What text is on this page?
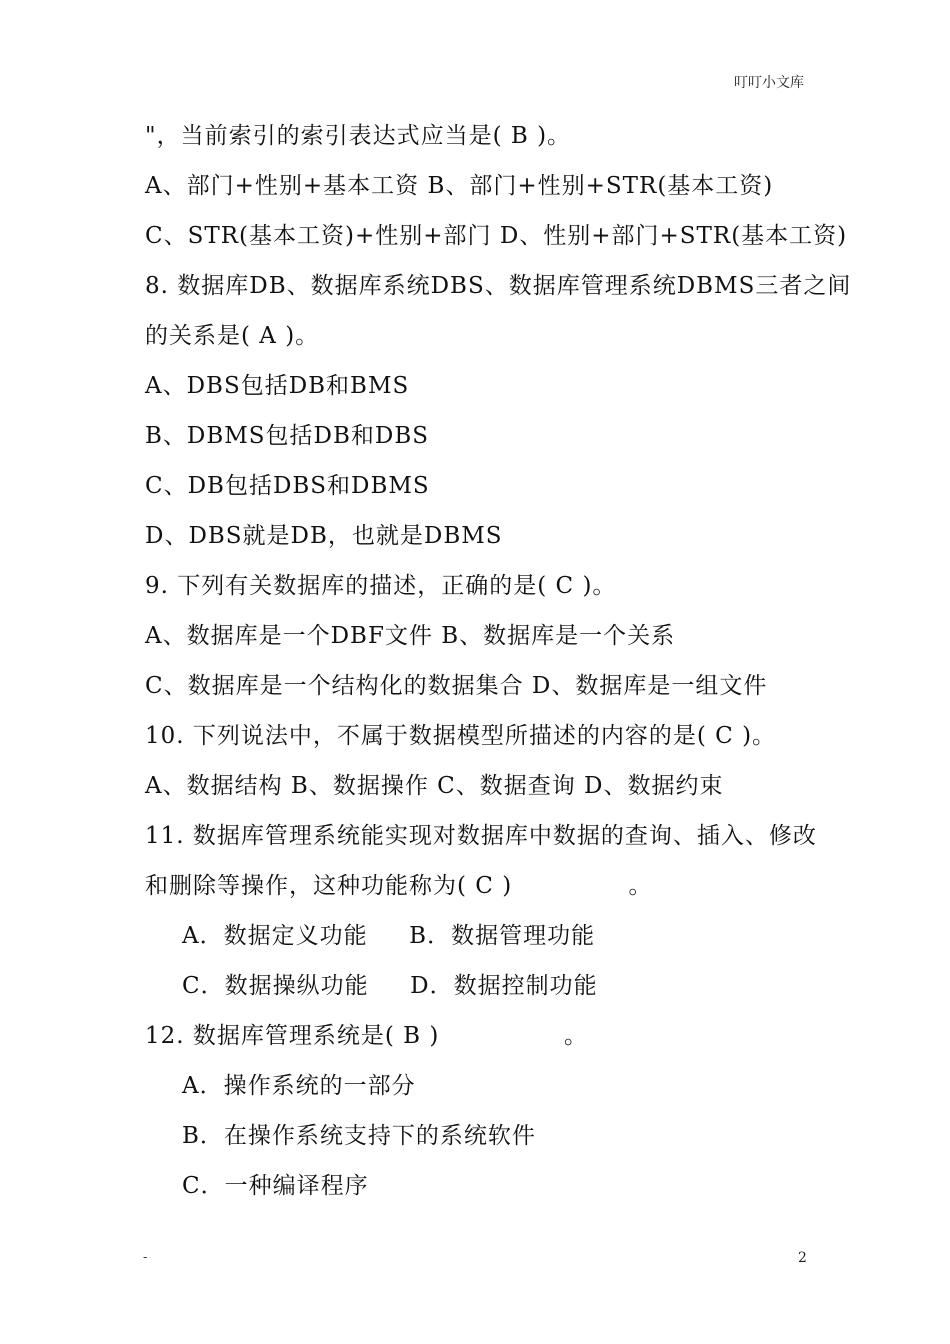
叮叮小文库
"，当前索引的索引表达式应当是( B )。
A、部门+性别+基本工资 B、部门+性别+STR(基本工资)
C、STR(基本工资)+性别+部门 D、性别+部门+STR(基本工资)
8. 数据库DB、数据库系统DBS、数据库管理系统DBMS三者之间
的关系是( A )。
A、DBS包括DB和BMS
B、DBMS包括DB和DBS
C、DB包括DBS和DBMS
D、DBS就是DB，也就是DBMS
9. 下列有关数据库的描述，正确的是( C )。
A、数据库是一个DBF文件 B、数据库是一个关系
C、数据库是一个结构化的数据集合 D、数据库是一组文件
10. 下列说法中，不属于数据模型所描述的内容的是( C )。
A、数据结构 B、数据操作 C、数据查询 D、数据约束
11. 数据库管理系统能实现对数据库中数据的查询、插入、修改
和删除等操作，这种功能称为( C )              。
A．数据定义功能     B．数据管理功能
C．数据操纵功能     D．数据控制功能
12. 数据库管理系统是( B )               。
A．操作系统的一部分
B．在操作系统支持下的系统软件
C．一种编译程序
-	2
